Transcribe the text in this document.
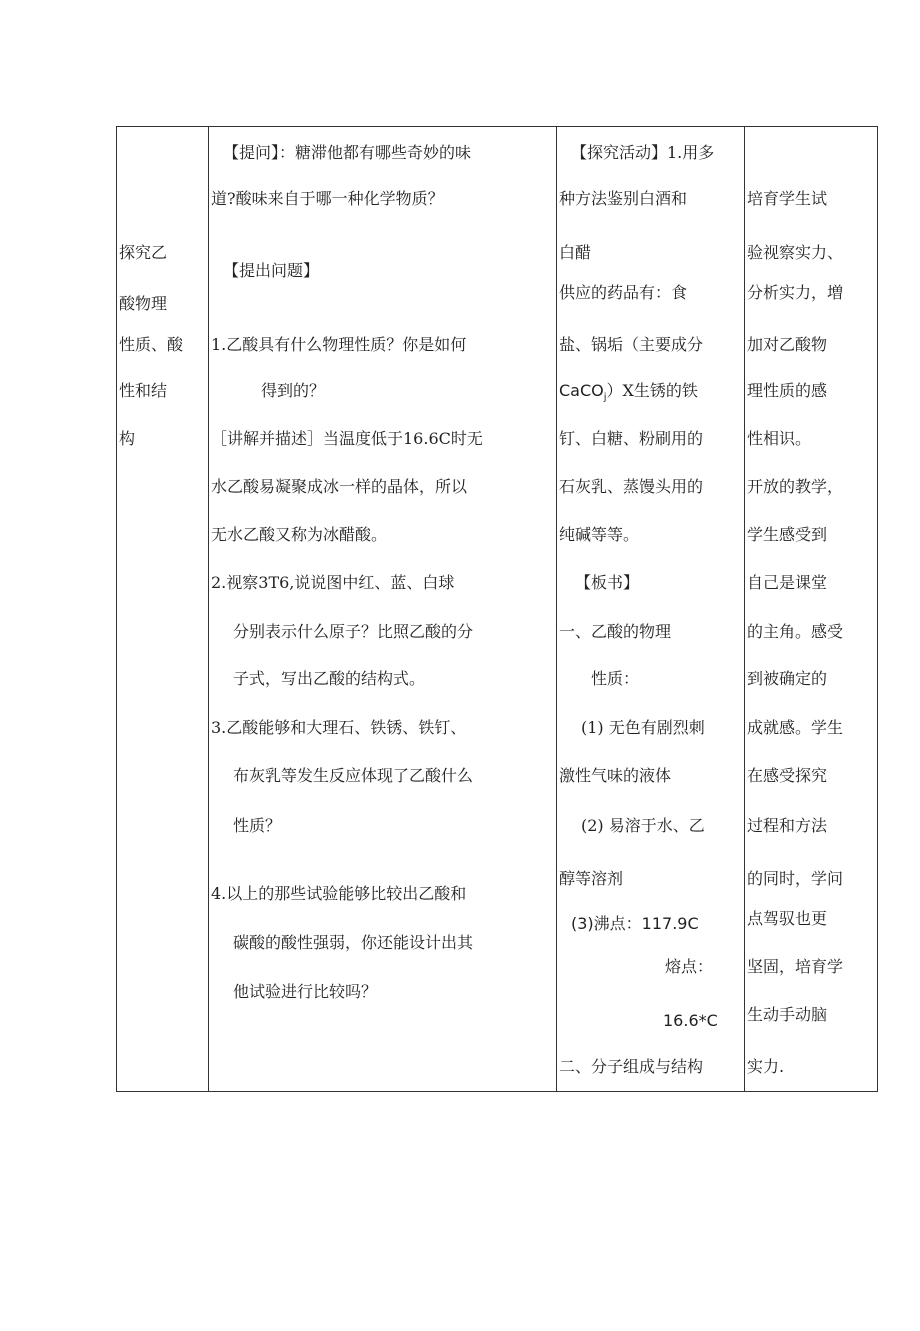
探究乙
酸物理
性质、酸
性和结
构
【提问】：糖滞他都有哪些奇妙的味
道?酸味来自于哪一种化学物质？
【提出问题】
1.乙酸具有什么物理性质？你是如何
得到的？
［讲解并描述］当温度低于16.6C时无
水乙酸易凝聚成冰一样的晶体，所以
无水乙酸又称为冰醋酸。
2.视察3T6,说说图中红、蓝、白球
分别表示什么原子？比照乙酸的分
子式，写出乙酸的结构式。
3.乙酸能够和大理石、铁锈、铁钉、
布灰乳等发生反应体现了乙酸什么
性质？
4.以上的那些试验能够比较出乙酸和
碳酸的酸性强弱，你还能设计出其
他试验进行比较吗？
【探究活动】1.用多
种方法鉴别白酒和
白醋
供应的药品有：食
盐、锅垢（主要成分
CaCO$_j$）X生锈的铁
钉、白糖、粉刷用的
石灰乳、蒸馒头用的
纯碱等等。
【板书】
一、乙酸的物理
性质：
(1) 无色有剧烈刺
激性气味的液体
(2) 易溶于水、乙
醇等溶剂
(3)沸点：117.9C
熔点：
16.6*C
二、分子组成与结构
培育学生试
验视察实力、
分析实力，増
加对乙酸物
理性质的感
性相识。
开放的教学，
学生感受到
自己是课堂
的主角。感受
到被确定的
成就感。学生
在感受探究
过程和方法
的同时，学问
点驾驭也更
坚固，培育学
生动手动脑
实力.
